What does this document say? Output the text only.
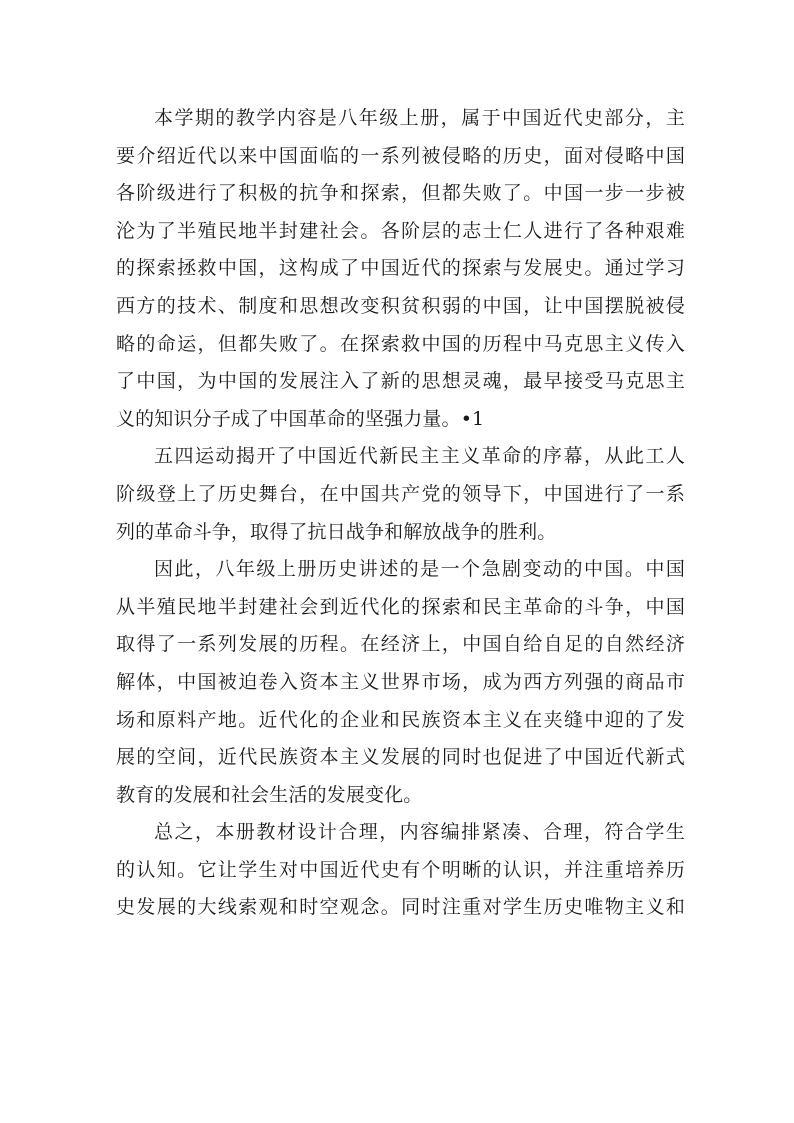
本学期的教学内容是八年级上册，属于中国近代史部分，主
要介绍近代以来中国面临的一系列被侵略的历史，面对侵略中国
各阶级进行了积极的抗争和探索，但都失败了。中国一步一步被
沦为了半殖民地半封建社会。各阶层的志士仁人进行了各种艰难
的探索拯救中国，这构成了中国近代的探索与发展史。通过学习
西方的技术、制度和思想改变积贫积弱的中国，让中国摆脱被侵
略的命运，但都失败了。在探索救中国的历程中马克思主义传入
了中国，为中国的发展注入了新的思想灵魂，最早接受马克思主
义的知识分子成了中国革命的坚强力量。•1
五四运动揭开了中国近代新民主主义革命的序幕，从此工人
阶级登上了历史舞台，在中国共产党的领导下，中国进行了一系
列的革命斗争，取得了抗日战争和解放战争的胜利。
因此，八年级上册历史讲述的是一个急剧变动的中国。中国
从半殖民地半封建社会到近代化的探索和民主革命的斗争，中国
取得了一系列发展的历程。在经济上，中国自给自足的自然经济
解体，中国被迫卷入资本主义世界市场，成为西方列强的商品市
场和原料产地。近代化的企业和民族资本主义在夹缝中迎的了发
展的空间，近代民族资本主义发展的同时也促进了中国近代新式
教育的发展和社会生活的发展变化。
总之，本册教材设计合理，内容编排紧凑、合理，符合学生
的认知。它让学生对中国近代史有个明晰的认识，并注重培养历
史发展的大线索观和时空观念。同时注重对学生历史唯物主义和
